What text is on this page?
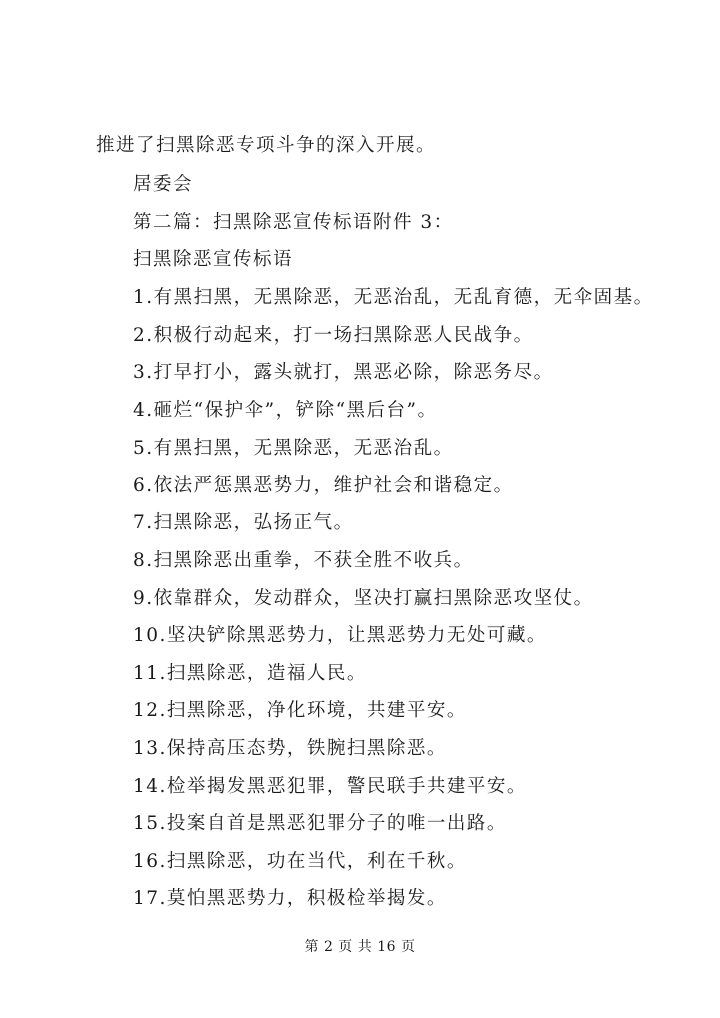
推进了扫黑除恶专项斗争的深入开展。
居委会
第二篇：扫黑除恶宣传标语附件 3：
扫黑除恶宣传标语
1.有黑扫黑，无黑除恶，无恶治乱，无乱育德，无伞固基。
2.积极行动起来，打一场扫黑除恶人民战争。
3.打早打小，露头就打，黑恶必除，除恶务尽。
4.砸烂“保护伞”，铲除“黑后台”。
5.有黑扫黑，无黑除恶，无恶治乱。
6.依法严惩黑恶势力，维护社会和谐稳定。
7.扫黑除恶，弘扬正气。
8.扫黑除恶出重拳，不获全胜不收兵。
9.依靠群众，发动群众，坚决打赢扫黑除恶攻坚仗。
10.坚决铲除黑恶势力，让黑恶势力无处可藏。
11.扫黑除恶，造福人民。
12.扫黑除恶，净化环境，共建平安。
13.保持高压态势，铁腕扫黑除恶。
14.检举揭发黑恶犯罪，警民联手共建平安。
15.投案自首是黑恶犯罪分子的唯一出路。
16.扫黑除恶，功在当代，利在千秋。
17.莫怕黑恶势力，积极检举揭发。
第 2 页 共 16 页
